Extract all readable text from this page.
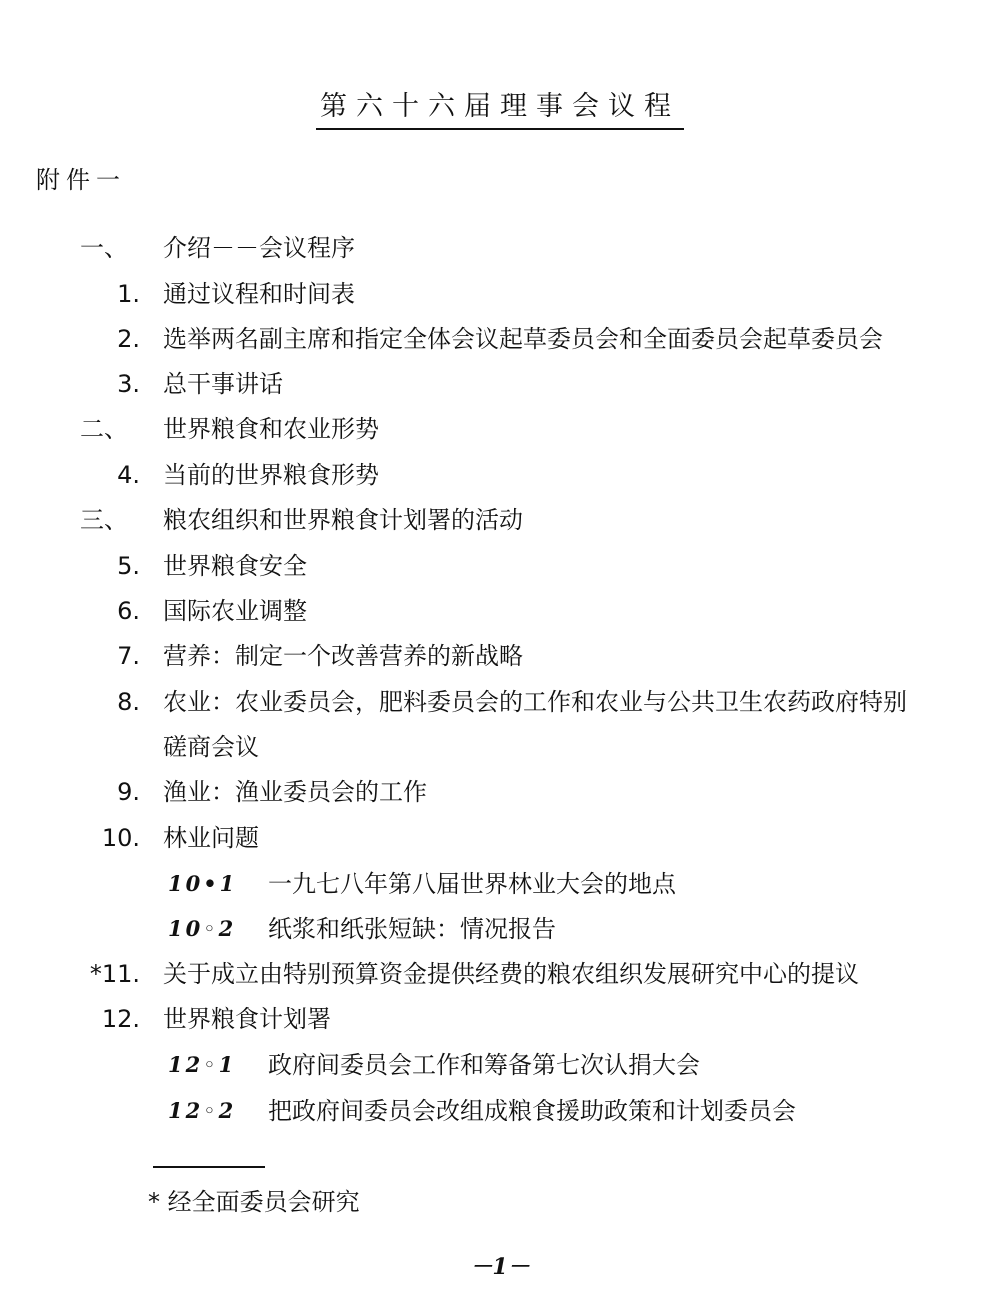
第六十六届理事会议程
附件一
一、	介绍－－会议程序
1. 通过议程和时间表
2. 选举两名副主席和指定全体会议起草委员会和全面委员会起草委员会
3. 总干事讲话
二、	世界粮食和农业形势
4. 当前的世界粮食形势
三、	粮农组织和世界粮食计划署的活动
5. 世界粮食安全
6. 国际农业调整
7. 营养：制定一个改善营养的新战略
8. 农业：农业委员会，肥料委员会的工作和农业与公共卫生农药政府特别
磋商会议
9. 渔业：渔业委员会的工作
10. 林业问题
10•1 一九七八年第八届世界林业大会的地点
10◦2 纸浆和纸张短缺：情况报告
*11. 关于成立由特别预算资金提供经费的粮农组织发展研究中心的提议
12. 世界粮食计划署
12◦1 政府间委员会工作和筹备第七次认捐大会
12◦2 把政府间委员会改组成粮食援助政策和计划委员会
* 经全面委员会研究
－1－
